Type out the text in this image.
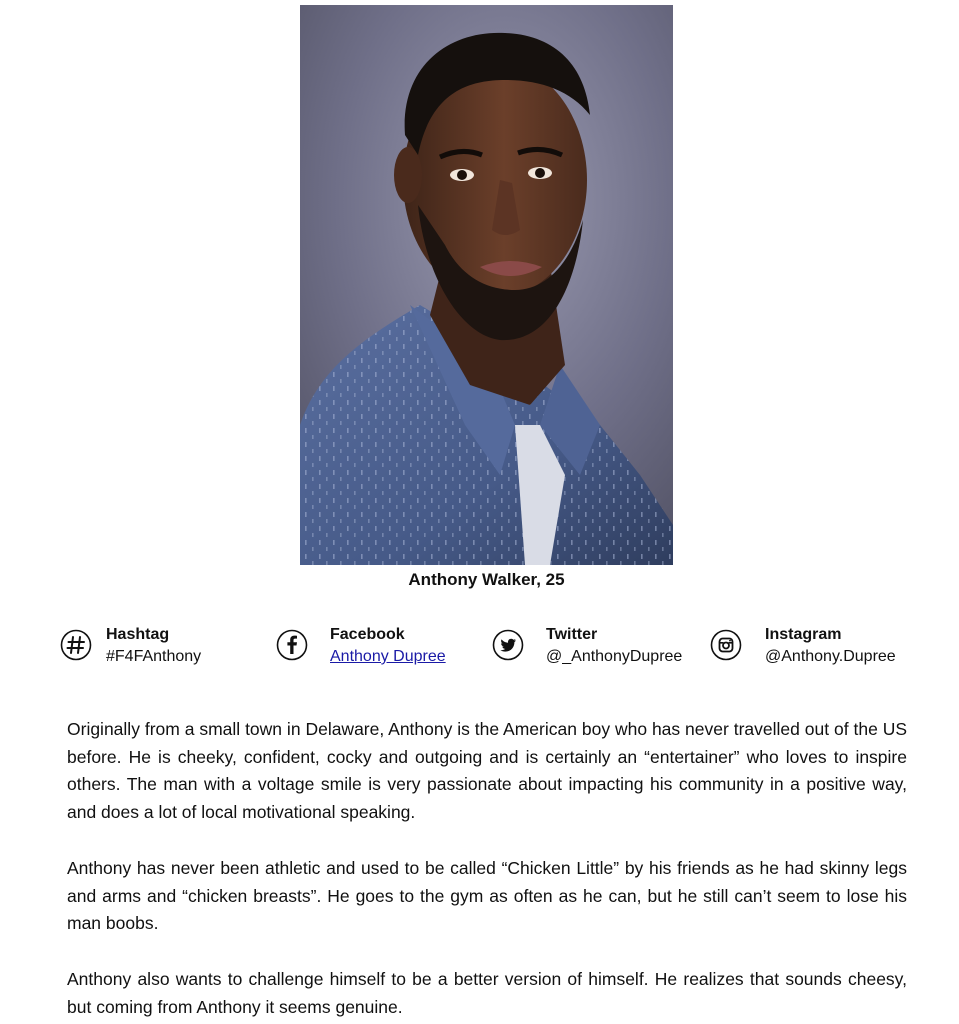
Anthony Walker, 25
Hashtag
#F4FAnthony
Facebook
Anthony Dupree
Twitter
@_AnthonyDupree
Instagram
@Anthony.Dupree

Originally from a small town in Delaware, Anthony is the American boy who has never travelled out of the US before. He is cheeky, confident, cocky and outgoing and is certainly an “entertainer” who loves to inspire others. The man with a voltage smile is very passionate about impacting his community in a positive way, and does a lot of local motivational speaking.

Anthony has never been athletic and used to be called “Chicken Little” by his friends as he had skinny legs and arms and “chicken breasts”. He goes to the gym as often as he can, but he still can’t seem to lose his man boobs.

Anthony also wants to challenge himself to be a better version of himself. He realizes that sounds cheesy, but coming from Anthony it seems genuine.
